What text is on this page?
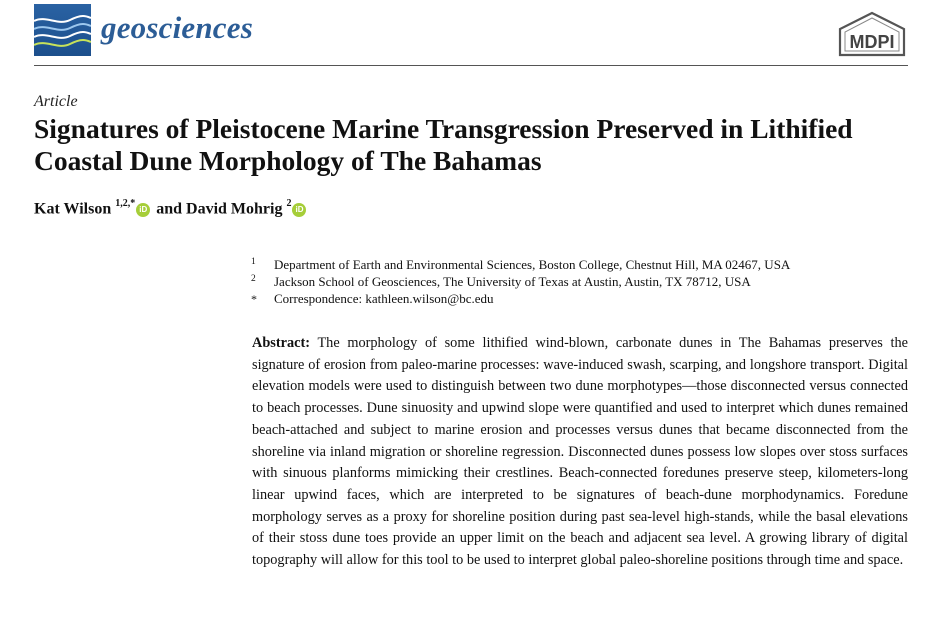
geosciences	MDPI
Article
Signatures of Pleistocene Marine Transgression Preserved in Lithified Coastal Dune Morphology of The Bahamas
Kat Wilson $^{1,2,*}$iD and David Mohrig $^2$iD
1 Department of Earth and Environmental Sciences, Boston College, Chestnut Hill, MA 02467, USA
2 Jackson School of Geosciences, The University of Texas at Austin, Austin, TX 78712, USA
* Correspondence: kathleen.wilson@bc.edu

Abstract: The morphology of some lithified wind-blown, carbonate dunes in The Bahamas preserves the signature of erosion from paleo-marine processes: wave-induced swash, scarping, and longshore transport. Digital elevation models were used to distinguish between two dune morphotypes—those disconnected versus connected to beach processes. Dune sinuosity and upwind slope were quantified and used to interpret which dunes remained beach-attached and subject to marine erosion and processes versus dunes that became disconnected from the shoreline via inland migration or shoreline regression. Disconnected dunes possess low slopes over stoss surfaces with sinuous planforms mimicking their crestlines. Beach-connected foredunes preserve steep, kilometers-long linear upwind faces, which are interpreted to be signatures of beach-dune morphodynamics. Foredune morphology serves as a proxy for shoreline position during past sea-level high-stands, while the basal elevations of their stoss dune toes provide an upper limit on the beach and adjacent sea level. A growing library of digital topography will allow for this tool to be used to interpret global paleo-shoreline positions through time and space.
